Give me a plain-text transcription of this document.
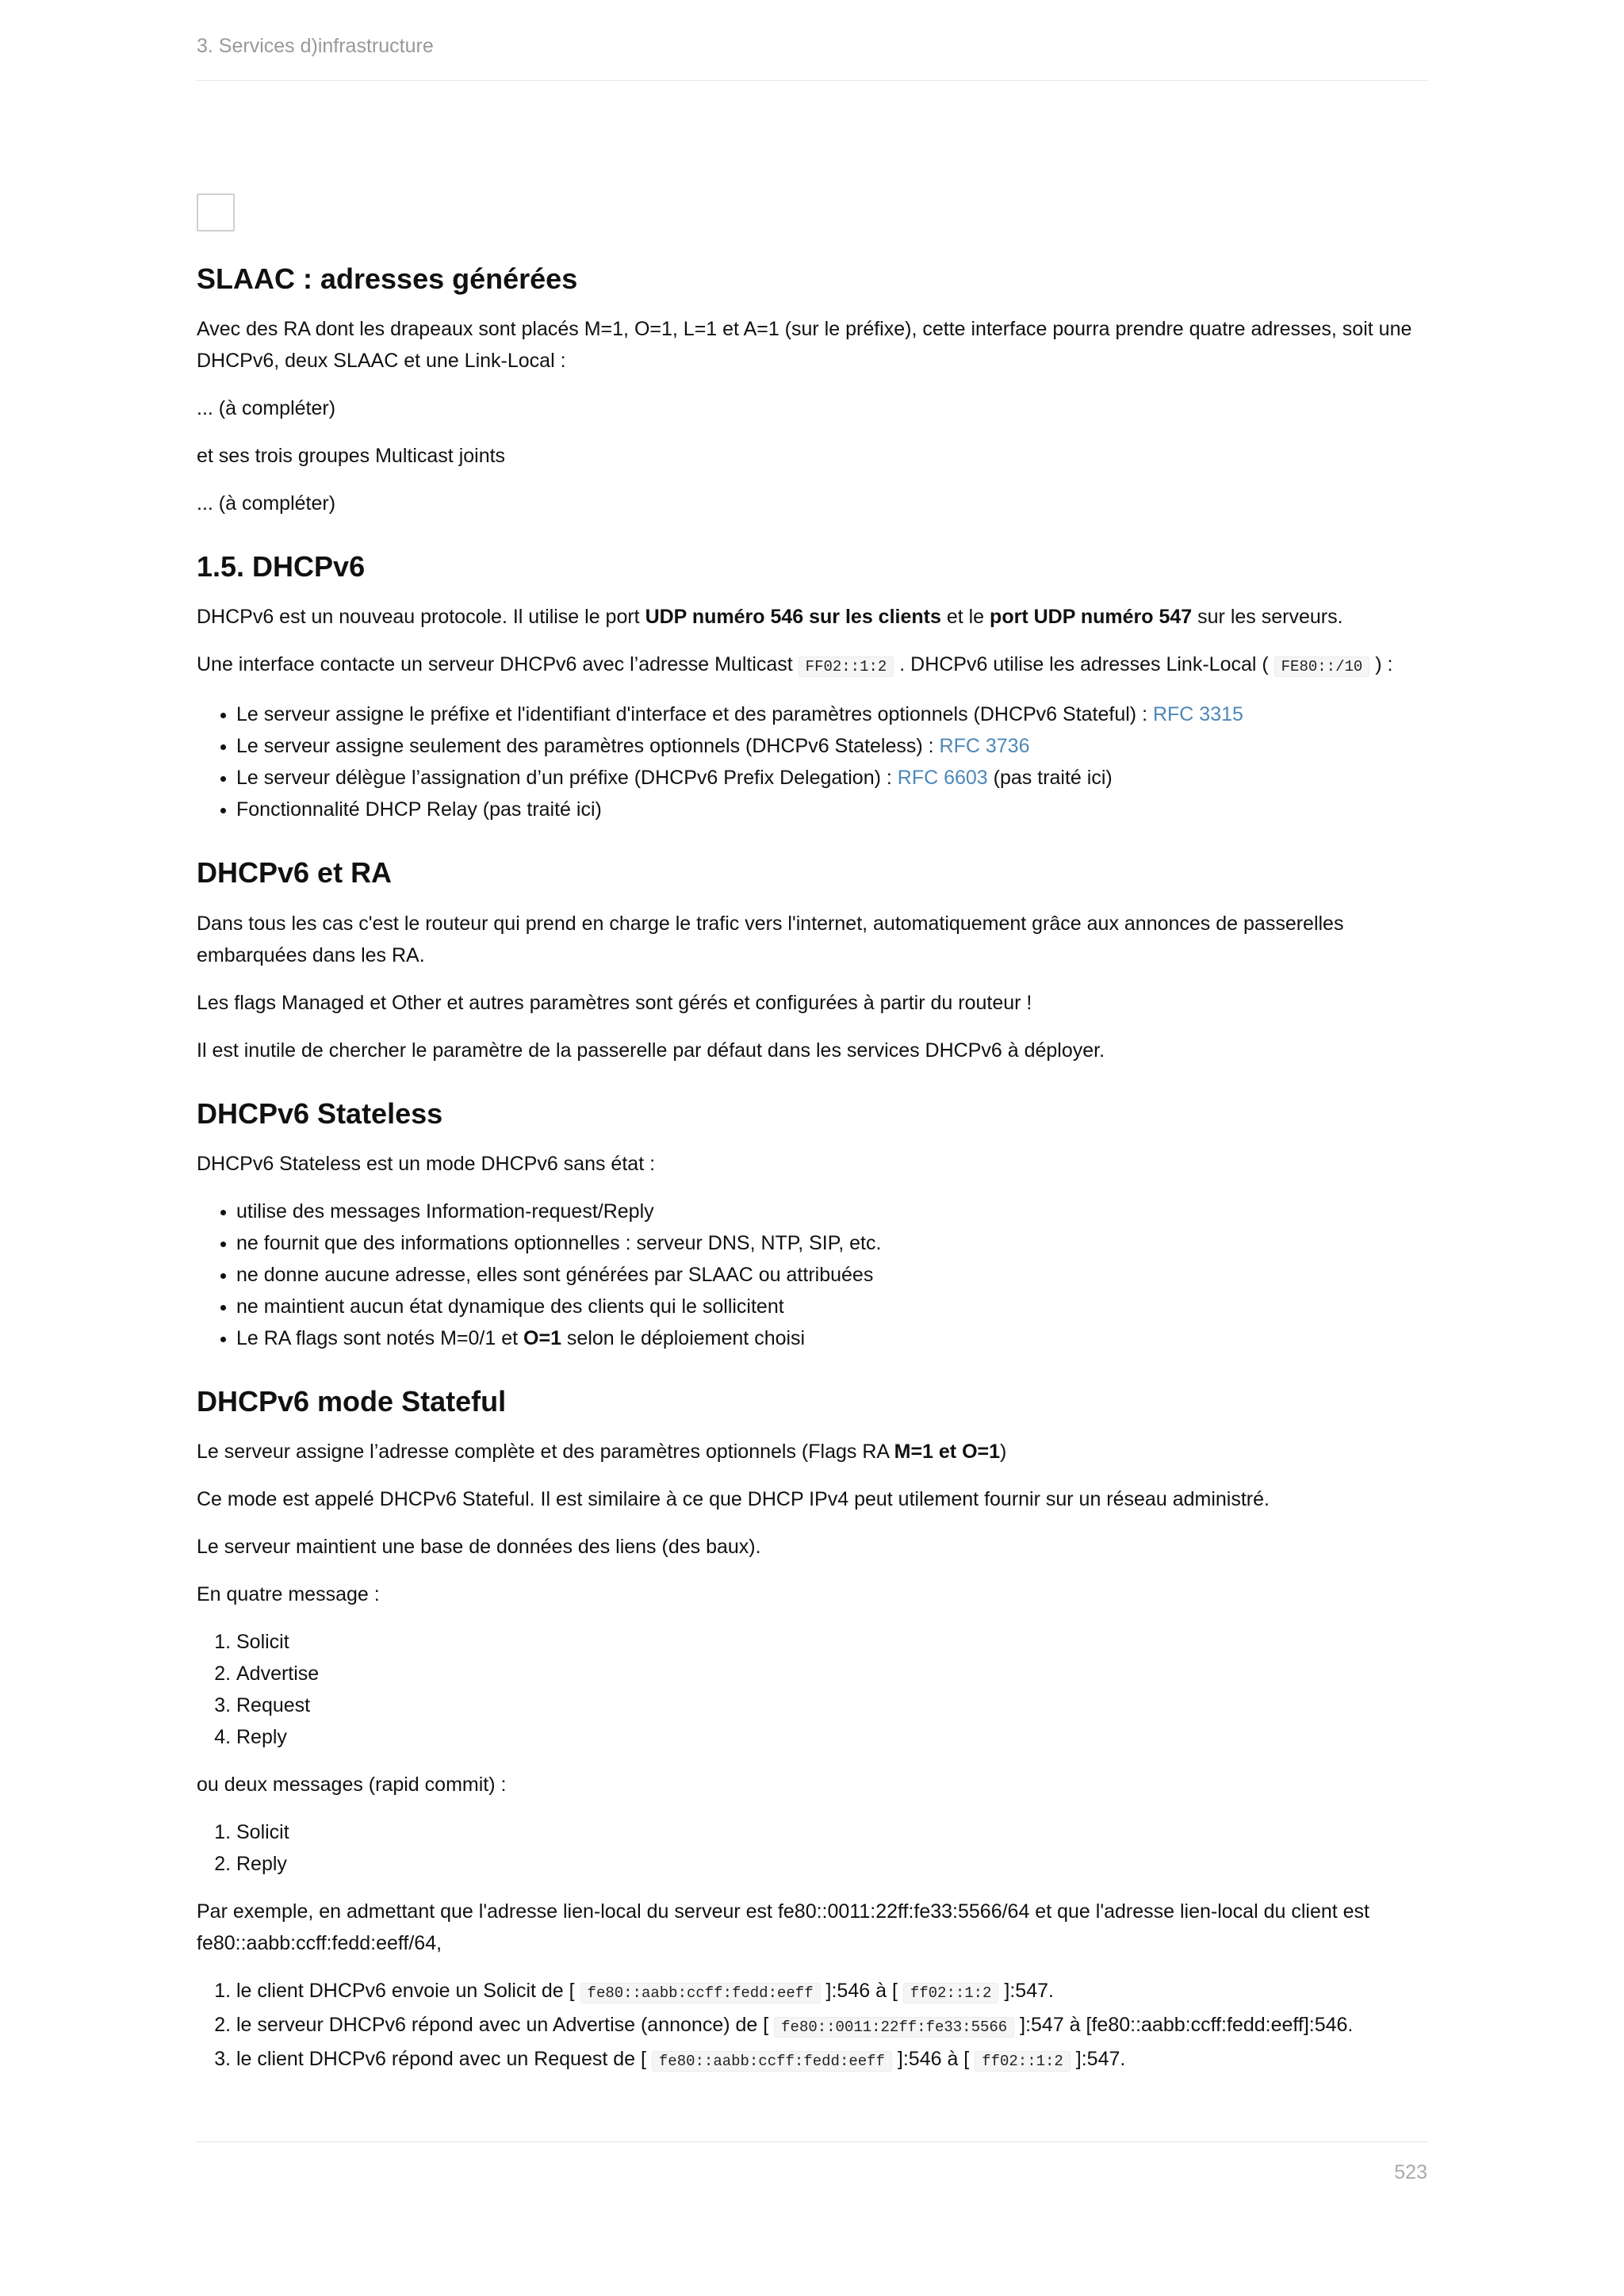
3. Services d)infrastructure
SLAAC : adresses générées

Avec des RA dont les drapeaux sont placés M=1, O=1, L=1 et A=1 (sur le préfixe), cette interface pourra prendre quatre adresses, soit une DHCPv6, deux SLAAC et une Link-Local :

... (à compléter)

et ses trois groupes Multicast joints

... (à compléter)

1.5. DHCPv6

DHCPv6 est un nouveau protocole. Il utilise le port UDP numéro 546 sur les clients et le port UDP numéro 547 sur les serveurs.

Une interface contacte un serveur DHCPv6 avec l’adresse Multicast FF02::1:2 . DHCPv6 utilise les adresses Link-Local ( FE80::/10 ) :

• Le serveur assigne le préfixe et l'identifiant d'interface et des paramètres optionnels (DHCPv6 Stateful) : RFC 3315
• Le serveur assigne seulement des paramètres optionnels (DHCPv6 Stateless) : RFC 3736
• Le serveur délègue l’assignation d’un préfixe (DHCPv6 Prefix Delegation) : RFC 6603 (pas traité ici)
• Fonctionnalité DHCP Relay (pas traité ici)
DHCPv6 et RA

Dans tous les cas c'est le routeur qui prend en charge le trafic vers l'internet, automatiquement grâce aux annonces de passerelles embarquées dans les RA.

Les flags Managed et Other et autres paramètres sont gérés et configurées à partir du routeur !

Il est inutile de chercher le paramètre de la passerelle par défaut dans les services DHCPv6 à déployer.

DHCPv6 Stateless

DHCPv6 Stateless est un mode DHCPv6 sans état :

• utilise des messages Information-request/Reply
• ne fournit que des informations optionnelles : serveur DNS, NTP, SIP, etc.
• ne donne aucune adresse, elles sont générées par SLAAC ou attribuées
• ne maintient aucun état dynamique des clients qui le sollicitent
• Le RA flags sont notés M=0/1 et O=1 selon le déploiement choisi
DHCPv6 mode Stateful

Le serveur assigne l’adresse complète et des paramètres optionnels (Flags RA M=1 et O=1)

Ce mode est appelé DHCPv6 Stateful. Il est similaire à ce que DHCP IPv4 peut utilement fournir sur un réseau administré.

Le serveur maintient une base de données des liens (des baux).

En quatre message :

1. Solicit
2. Advertise
3. Request
4. Reply

ou deux messages (rapid commit) :

1. Solicit
2. Reply

Par exemple, en admettant que l'adresse lien-local du serveur est fe80::0011:22ff:fe33:5566/64 et que l'adresse lien-local du client est fe80::aabb:ccff:fedd:eeff/64,

1. le client DHCPv6 envoie un Solicit de [ fe80::aabb:ccff:fedd:eeff ]:546 à [ ff02::1:2 ]:547.
2. le serveur DHCPv6 répond avec un Advertise (annonce) de [ fe80::0011:22ff:fe33:5566 ]:547 à [fe80::aabb:ccff:fedd:eeff]:546.
3. le client DHCPv6 répond avec un Request de [ fe80::aabb:ccff:fedd:eeff ]:546 à [ ff02::1:2 ]:547.
523
